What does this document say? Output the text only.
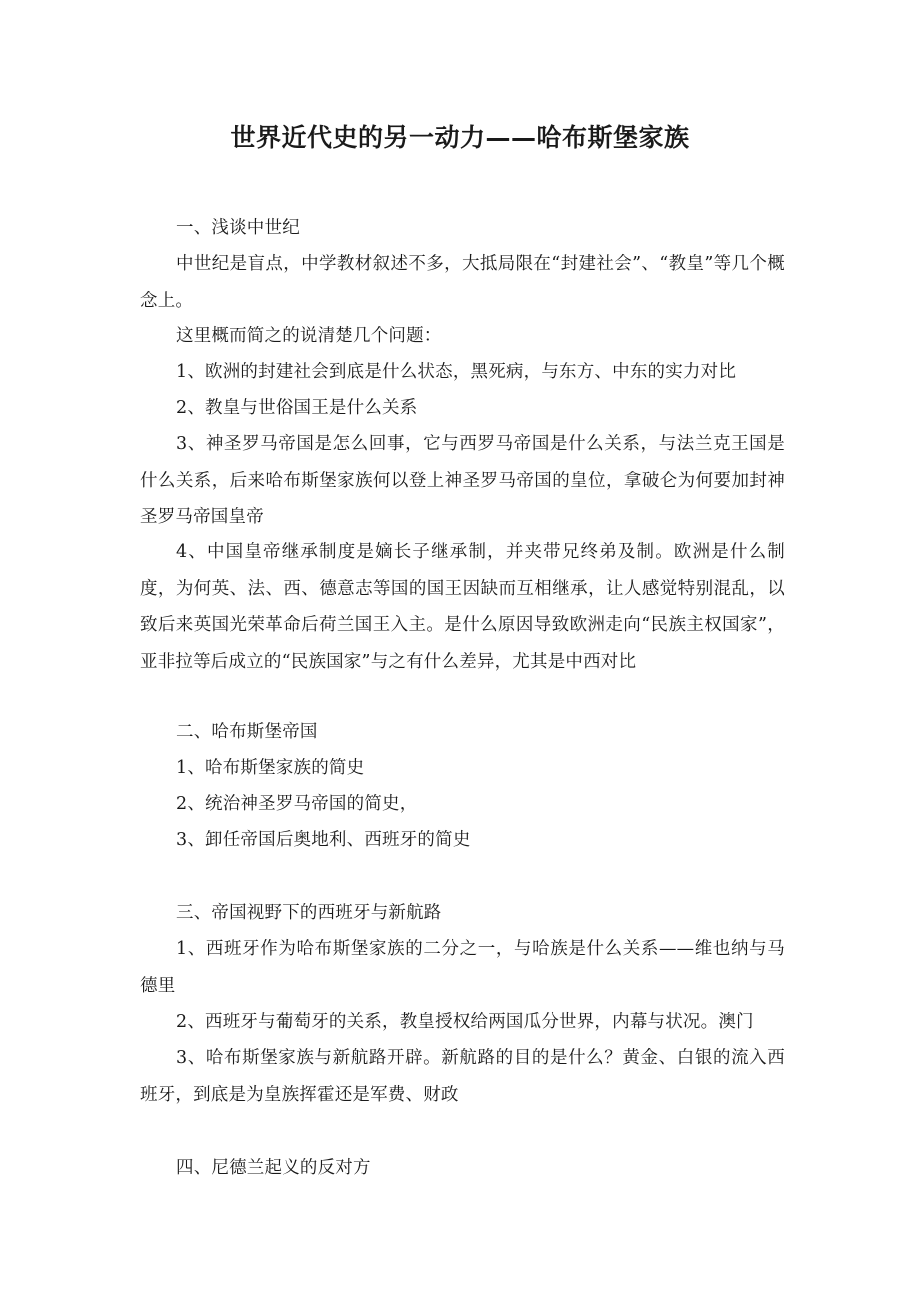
世界近代史的另一动力——哈布斯堡家族

一、浅谈中世纪

中世纪是盲点，中学教材叙述不多，大抵局限在“封建社会”、“教皇”等几个概念上。

这里概而简之的说清楚几个问题：

1、欧洲的封建社会到底是什么状态，黑死病，与东方、中东的实力对比

2、教皇与世俗国王是什么关系

3、神圣罗马帝国是怎么回事，它与西罗马帝国是什么关系，与法兰克王国是什么关系，后来哈布斯堡家族何以登上神圣罗马帝国的皇位，拿破仑为何要加封神圣罗马帝国皇帝

4、中国皇帝继承制度是嫡长子继承制，并夹带兄终弟及制。欧洲是什么制度，为何英、法、西、德意志等国的国王因缺而互相继承，让人感觉特别混乱，以致后来英国光荣革命后荷兰国王入主。是什么原因导致欧洲走向“民族主权国家”，亚非拉等后成立的“民族国家”与之有什么差异，尤其是中西对比

二、哈布斯堡帝国

1、哈布斯堡家族的简史

2、统治神圣罗马帝国的简史，

3、卸任帝国后奥地利、西班牙的简史

三、帝国视野下的西班牙与新航路

1、西班牙作为哈布斯堡家族的二分之一，与哈族是什么关系——维也纳与马德里

2、西班牙与葡萄牙的关系，教皇授权给两国瓜分世界，内幕与状况。澳门

3、哈布斯堡家族与新航路开辟。新航路的目的是什么？黄金、白银的流入西班牙，到底是为皇族挥霍还是军费、财政

四、尼德兰起义的反对方
